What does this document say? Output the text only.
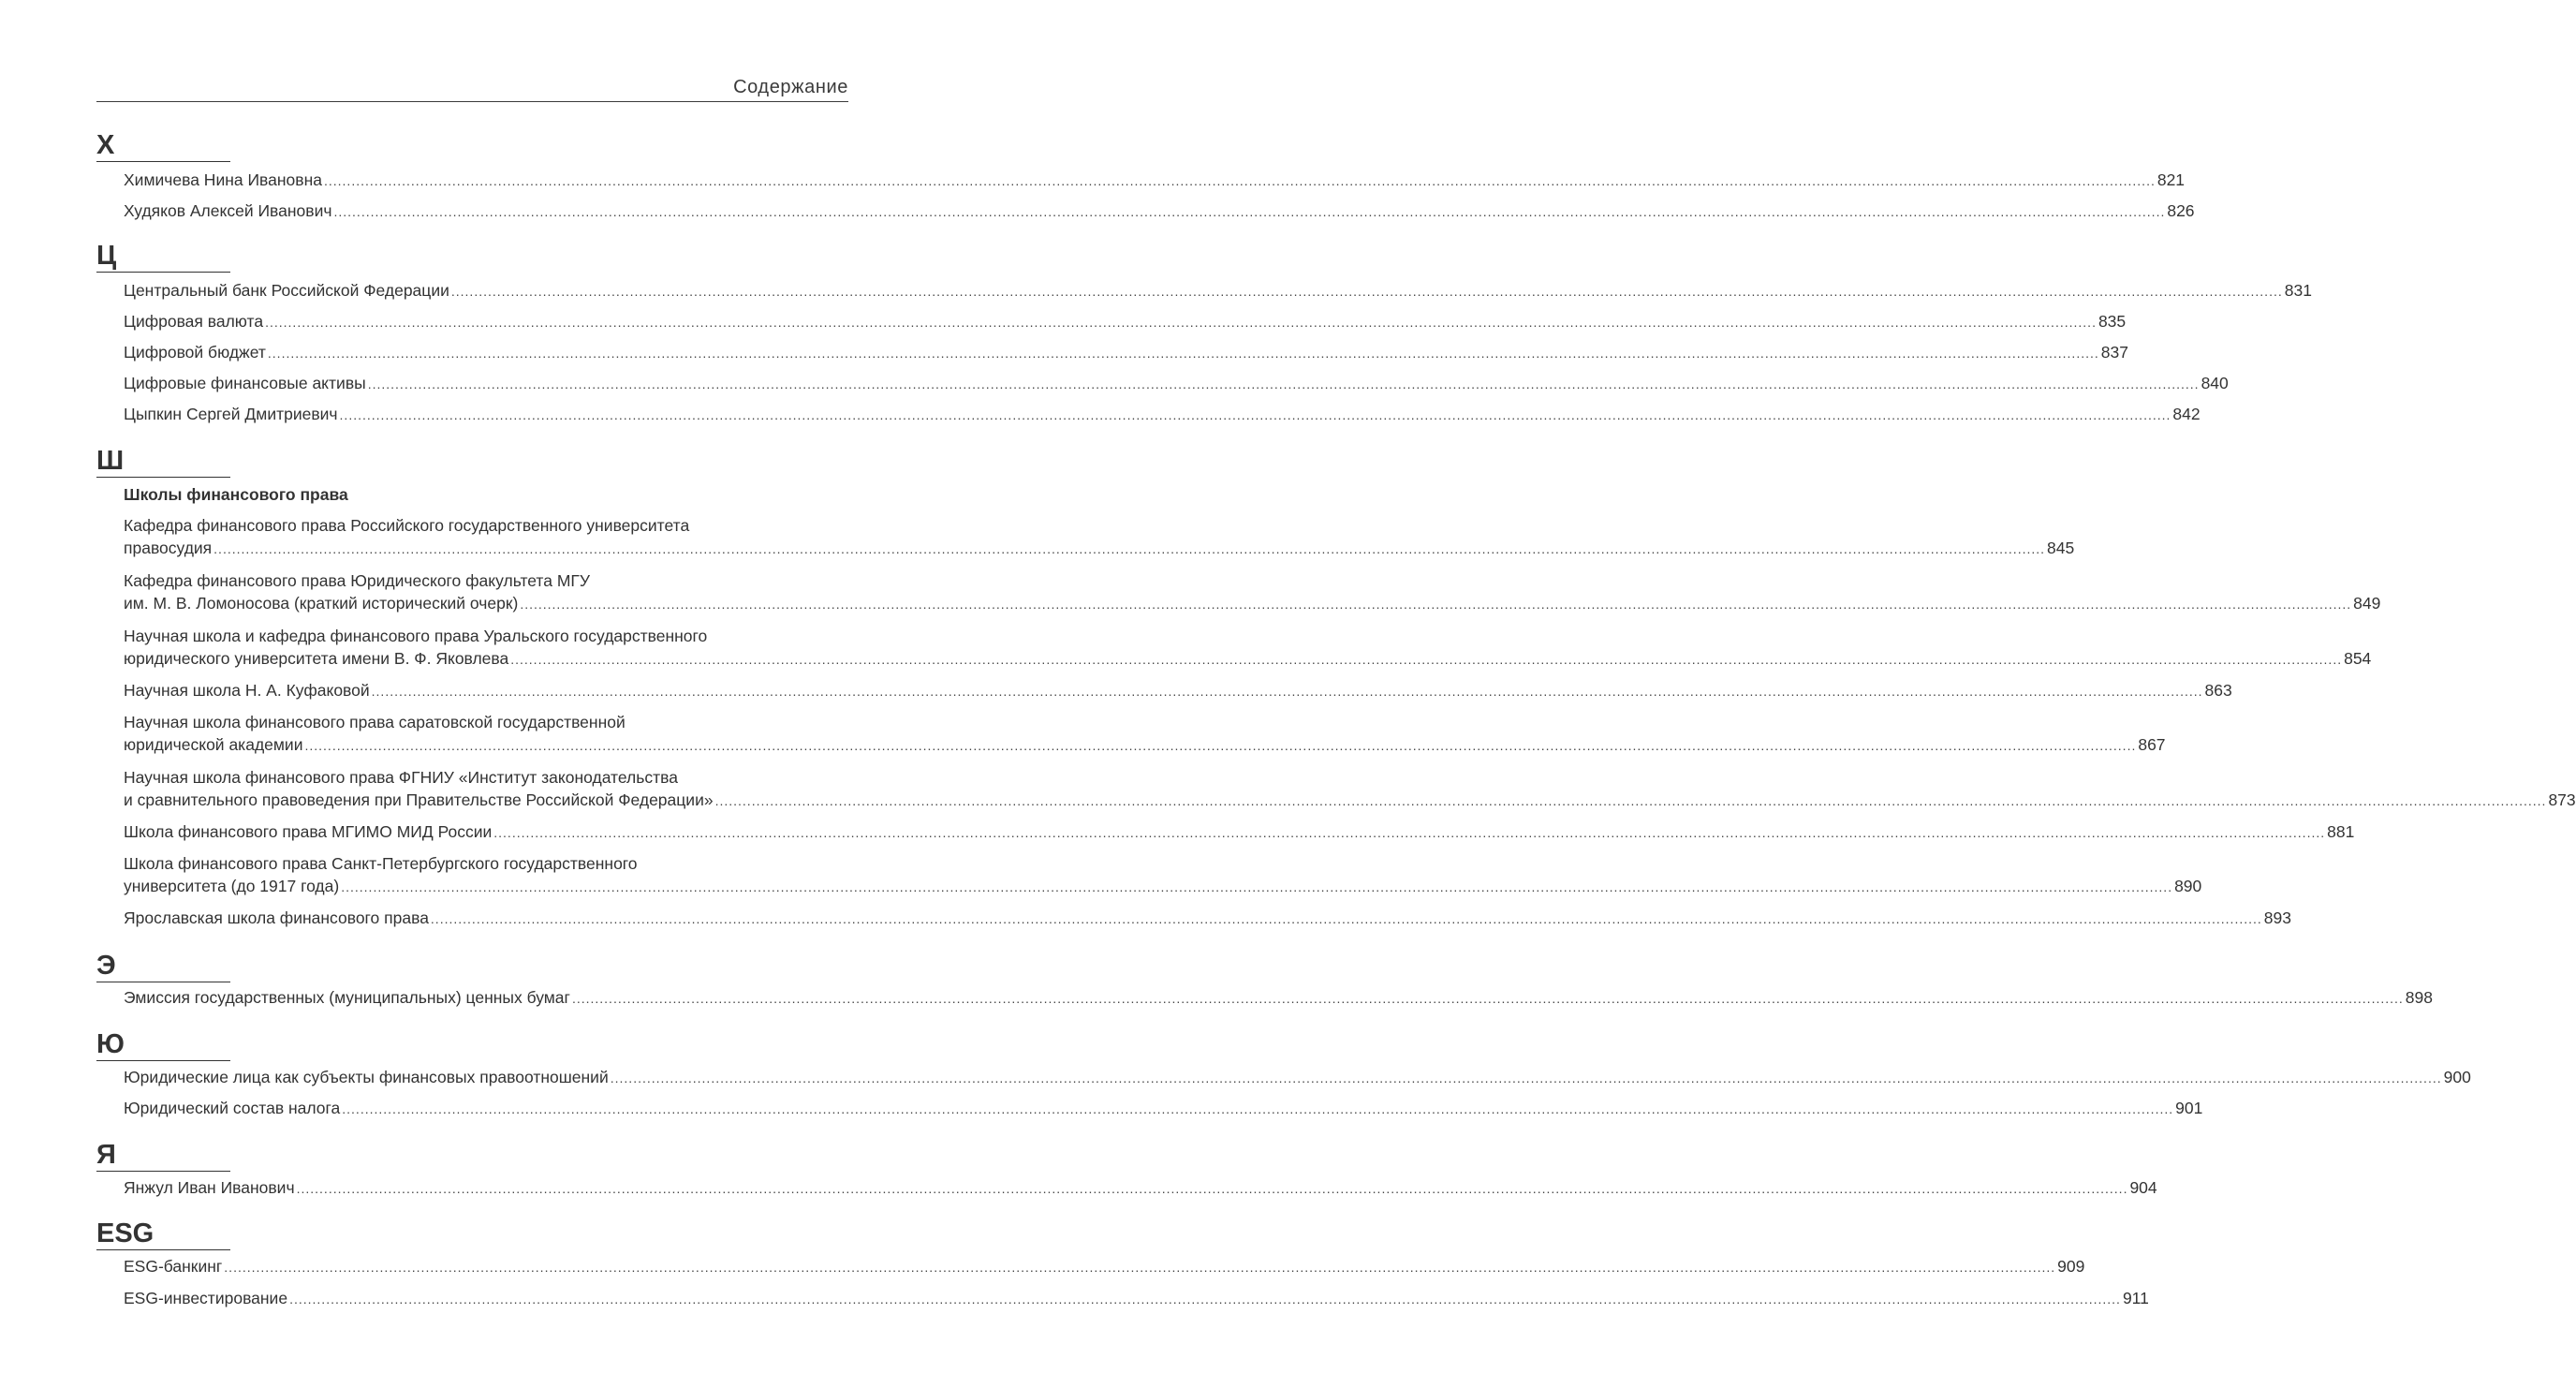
Содержание
Х
Химичева Нина Ивановна ................................................................................................................................................................................................................................................................................................................................................................................................................ 821
Худяков Алексей Иванович ................................................................................................................................................................................................................................................................................................................................................................................................................ 826
Ц
Центральный банк Российской Федерации ................................................................................................................................................................................................................................................................................................................................................................................................................ 831
Цифровая валюта ................................................................................................................................................................................................................................................................................................................................................................................................................ 835
Цифровой бюджет ................................................................................................................................................................................................................................................................................................................................................................................................................ 837
Цифровые финансовые активы ................................................................................................................................................................................................................................................................................................................................................................................................................ 840
Цыпкин Сергей Дмитриевич ................................................................................................................................................................................................................................................................................................................................................................................................................ 842
Ш
Школы финансового права
Кафедра финансового права Российского государственного университета
правосудия ................................................................................................................................................................................................................................................................................................................................................................................................................ 845
Кафедра финансового права Юридического факультета МГУ
им. М. В. Ломоносова (краткий исторический очерк) ................................................................................................................................................................................................................................................................................................................................................................................................................ 849
Научная школа и кафедра финансового права Уральского государственного
юридического университета имени В. Ф. Яковлева ................................................................................................................................................................................................................................................................................................................................................................................................................ 854
Научная школа Н. А. Куфаковой ................................................................................................................................................................................................................................................................................................................................................................................................................ 863
Научная школа финансового права саратовской государственной
юридической академии ................................................................................................................................................................................................................................................................................................................................................................................................................ 867
Научная школа финансового права ФГНИУ «Институт законодательства
и сравнительного правоведения при Правительстве Российской Федерации» ................................................................................................................................................................................................................................................................................................................................................................................................................ 873
Школа финансового права МГИМО МИД России ................................................................................................................................................................................................................................................................................................................................................................................................................ 881
Школа финансового права Санкт-Петербургского государственного
университета (до 1917 года) ................................................................................................................................................................................................................................................................................................................................................................................................................ 890
Ярославская школа финансового права ................................................................................................................................................................................................................................................................................................................................................................................................................ 893
Э
Эмиссия государственных (муниципальных) ценных бумаг ................................................................................................................................................................................................................................................................................................................................................................................................................ 898
Ю
Юридические лица как субъекты финансовых правоотношений ................................................................................................................................................................................................................................................................................................................................................................................................................ 900
Юридический состав налога ................................................................................................................................................................................................................................................................................................................................................................................................................ 901
Я
Янжул Иван Иванович ................................................................................................................................................................................................................................................................................................................................................................................................................ 904
ESG
ESG-банкинг ................................................................................................................................................................................................................................................................................................................................................................................................................ 909
ESG-инвестирование ................................................................................................................................................................................................................................................................................................................................................................................................................ 911
